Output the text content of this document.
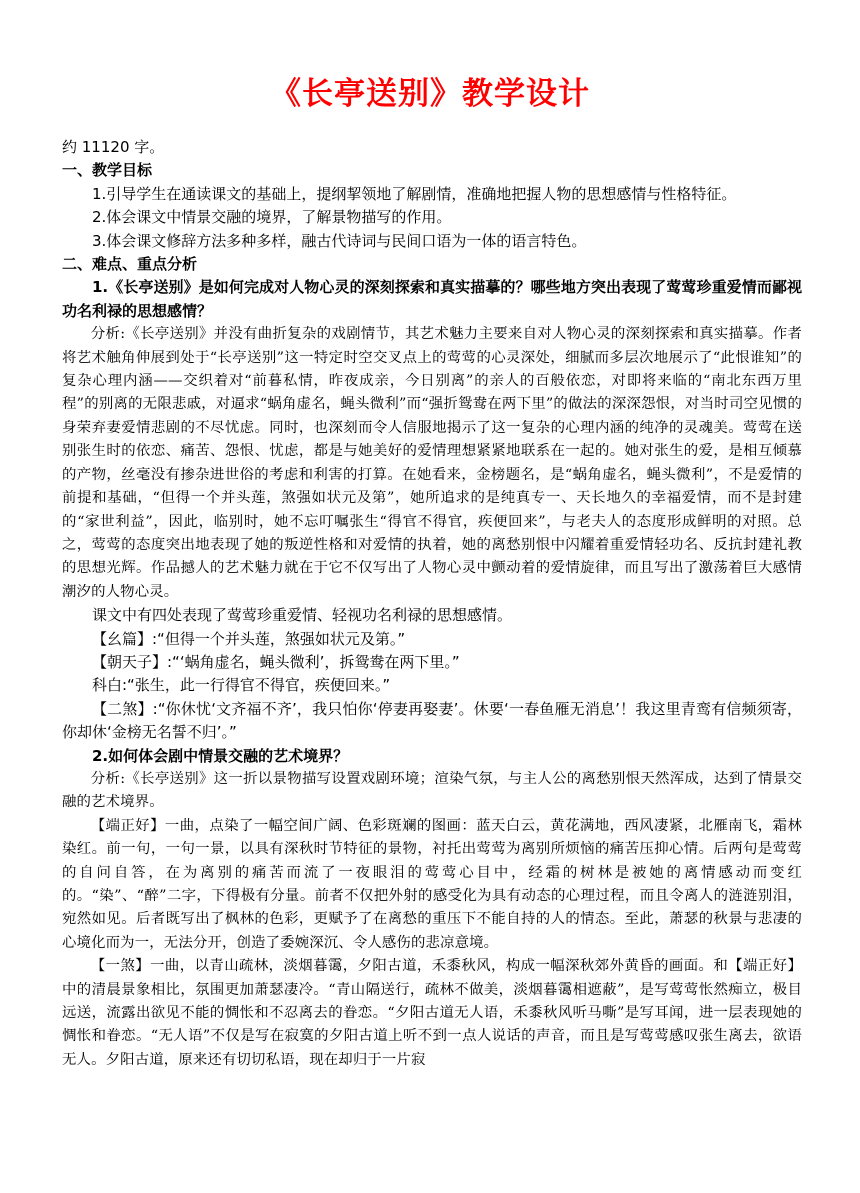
《长亭送别》教学设计

约 11120 字。

一、教学目标

1.引导学生在通读课文的基础上，提纲挈领地了解剧情，准确地把握人物的思想感情与性格特征。

2.体会课文中情景交融的境界，了解景物描写的作用。

3.体会课文修辞方法多种多样，融古代诗词与民间口语为一体的语言特色。

二、难点、重点分析

1.《长亭送别》是如何完成对人物心灵的深刻探索和真实描摹的？哪些地方突出表现了莺莺珍重爱情而鄙视功名利禄的思想感情？

分析:《长亭送别》并没有曲折复杂的戏剧情节，其艺术魅力主要来自对人物心灵的深刻探索和真实描摹。作者将艺术触角伸展到处于“长亭送别”这一特定时空交叉点上的莺莺的心灵深处，细腻而多层次地展示了“此恨谁知”的复杂心理内涵——交织着对“前暮私情，昨夜成亲，今日别离”的亲人的百般依恋，对即将来临的“南北东西万里程”的别离的无限悲戚，对逼求“蜗角虚名，蝇头微利”而“强折鸳鸯在两下里”的做法的深深怨恨，对当时司空见惯的身荣弃妻爱情悲剧的不尽忧虑。同时，也深刻而令人信服地揭示了这一复杂的心理内涵的纯净的灵魂美。莺莺在送别张生时的依恋、痛苦、怨恨、忧虑，都是与她美好的爱情理想紧紧地联系在一起的。她对张生的爱，是相互倾慕的产物，丝毫没有掺杂进世俗的考虑和利害的打算。在她看来，金榜题名，是“蜗角虚名，蝇头微利”，不是爱情的前提和基础，“但得一个并头莲，煞强如状元及第”，她所追求的是纯真专一、天长地久的幸福爱情，而不是封建的“家世利益”，因此，临别时，她不忘叮嘱张生“得官不得官，疾便回来”，与老夫人的态度形成鲜明的对照。总之，莺莺的态度突出地表现了她的叛逆性格和对爱情的执着，她的离愁别恨中闪耀着重爱情轻功名、反抗封建礼教的思想光辉。作品撼人的艺术魅力就在于它不仅写出了人物心灵中颤动着的爱情旋律，而且写出了激荡着巨大感情潮汐的人物心灵。

课文中有四处表现了莺莺珍重爱情、轻视功名利禄的思想感情。

【幺篇】:“但得一个并头莲，煞强如状元及第。”

【朝天子】:“‘蜗角虚名，蝇头微利’，拆鸳鸯在两下里。”

科白:“张生，此一行得官不得官，疾便回来。”

【二煞】:“你休忧‘文齐福不齐’，我只怕你‘停妻再娶妻’。休要‘一春鱼雁无消息’！我这里青鸾有信频须寄，你却休‘金榜无名誓不归’。”

2.如何体会剧中情景交融的艺术境界？

分析:《长亭送别》这一折以景物描写设置戏剧环境；渲染气氛，与主人公的离愁别恨天然浑成，达到了情景交融的艺术境界。

【端正好】一曲，点染了一幅空间广阔、色彩斑斓的图画：蓝天白云，黄花满地，西风凄紧，北雁南飞，霜林染红。前一句，一句一景，以具有深秋时节特征的景物，衬托出莺莺为离别所烦恼的痛苦压抑心情。后两句是莺莺的自问自答，在为离别的痛苦而流了一夜眼泪的莺莺心目中，经霜的树林是被她的离情感动而变红的。“染”、“醉”二字，下得极有分量。前者不仅把外射的感受化为具有动态的心理过程，而且令离人的涟涟别泪，宛然如见。后者既写出了枫林的色彩，更赋予了在离愁的重压下不能自持的人的情态。至此，萧瑟的秋景与悲凄的心境化而为一，无法分开，创造了委婉深沉、令人感伤的悲凉意境。

【一煞】一曲，以青山疏林，淡烟暮霭，夕阳古道，禾黍秋风，构成一幅深秋郊外黄昏的画面。和【端正好】中的清晨景象相比，氛围更加萧瑟凄冷。“青山隔送行，疏林不做美，淡烟暮霭相遮蔽”，是写莺莺怅然痴立，极目远送，流露出欲见不能的惆怅和不忍离去的眷恋。“夕阳古道无人语，禾黍秋风听马嘶”是写耳闻，进一层表现她的惆怅和眷恋。“无人语”不仅是写在寂寞的夕阳古道上听不到一点人说话的声音，而且是写莺莺感叹张生离去，欲语无人。夕阳古道，原来还有切切私语，现在却归于一片寂
